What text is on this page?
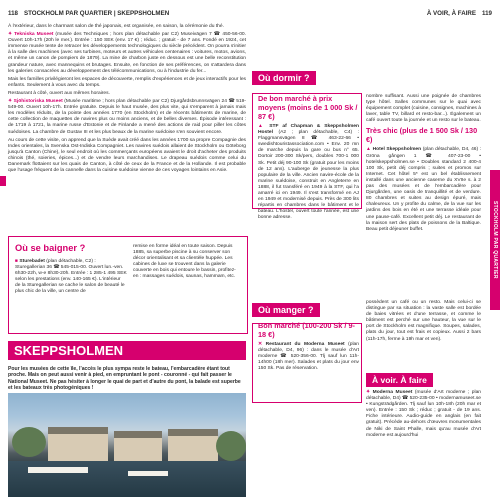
118 STOCKHOLM PAR QUARTIER | SKEPPSHOLMEN	À VOIR, À FAIRE 119
STOCKHOLM PAR QUARTIER

À l'extérieur, dans le charmant salon de thé japonais, est organisée, en saison, la cérémonie du thé.

✦ Tekniska Museet (musée des Techniques ; hors plan détachable par C2) Museivägen 7 ☎ 450-56-00. Ouvert 10h-17h (20h le mer.). Entrée : 150 SEK (env. 17 €) ; réduc. ; gratuit - de 7 ans. Fondé en 1924, cet immense musée tente de retracer les développements technologiques du siècle précédent. On pourra s'initier à la salle des machines (avec ses turbines, moteurs et autres véhicules centenaires : voitures, motos, avions, et même un canon de pompiers de 1879). La mine de charbon juste en dessous est une belle reconstitution grandeur nature, avec mannequins et brutages. Ensuite, en fonction de ses préférences, on s'attardera dans les galeries consacrées au développement des télécommunications, ou à l'industrie du fer...

Mais les familles privilégieront les espaces de découverte, remplis d'expériences et de jeux interactifs pour les enfants. Seulement à vous avec du temps.

Restaurant à côté, ouvert aux mêmes horaires.

✦ Sjöhistoriska Museet (Musée maritime ; hors plan détachable par C2) Djurgårdsbrunnsvägen 24 ☎ 519-549-00. Ouvert 10h-17h. Entrée gratuite. Depuis le haut musée, des plus vite, qui s'emparent à jamais mais les modèles réduits, de la pointe des années 1770 (en Stockholm) et de récents bâtiments de marine, de cette collection de maquettes de navires plus ou moins anciens, et de belles diverses. Épisode intéressant : de 1719 à 1721, la marine russe d'Estonie et de Finlande a mené des actions de raid pour piller les côtes suédoises. La chambre de Gustav III et les plus beaux de la marine suédoise s'en souvient encore.

Au cours de cette visite, on apprend que la Suède avait créé dans les années 1700 sa propre Compagnie des Indes orientales, la Svenska Ost-Indiska Compagniet. Les navires suédois allaient de Stockholm ou Göteborg jusqu'à Canton (Chine), le seul endroit où les commerçants européens avaient le droit d'acheter des produits chinois (thé, soieries, épices...) et de vendre leurs marchandises. Le drapeau suédois comme celui du Danemark flottaient sur les quais de Canton, à côté de ceux de la France et de la Hollande. Il est probable que l'usage fréquent de la cannelle dans la cuisine suédoise vienne de ces voyages lointains en Asie.

Où se baigner ?
■ Sturebadet (plan détachable, C2) : Sturegallerian 36 ☎ 545-015-00. Ouvert lun.-ven. 6h30-22h, w-e 8h30-20h. Entrée : 1 285-1 495 SEK selon les prestations (env. 140-165 €). L'intérieur de la Sturegallerian se cache le salon de beauté le plus chic de la ville, un centre de
remise en forme idéal en toute saison. Depuis 1885, sa superbe piscine à su conserver son décor orientalisant et sa clientèle huppée. Les cabines de luxe se trouvent dans la galerie couverte en bois qui entoure le bassin, profitez-en : massages suédois, saunas, hammam, etc.
SKEPPSHOLMEN
Pour les musées de cette île, l'accès le plus sympa reste le bateau, l'embarcadère étant tout proche. Mais on peut aussi venir à pied, en empruntant le pont - couronné - qui fait passer le National Museet. Ne pas hésiter à longer le quai de part et d'autre du pont, la balade est superbe et les bateaux très photogéniques !
Où dormir ?
De bon marché à prix moyens (moins de 1 000 Sk / 87 €)

▲ STF af Chapman & Skeppsholmen Hostel (A2 ; plan détachable, C4) : Flaggmansvägen 8 ☎ 463-22-66 • swedishtouristassociation.com • Env. 20 mn de marche depuis la gare ou bus n° 65. Dortoir 200-300 Sk/pers, doubles 700-1 000 Sk. Petit déj 90-100 Sk (gratuit pour les moins de 12 ans). L'auberge de jeunesse la plus populaire de la ville. Ancien navire-école de la marine suédoise, construit en Angleterre en 1888, il fut transféré en 1949 à la STF, qui l'a amarré ici en 1949. Il s'est transformé en AJ en 1949 et modernisé depuis. Près de 300 lits répartis en chambres dans le bâtiment et le bateau. L'hostel, ouvert toute l'année, est une bonne adresse.

nombre suffisant. Aussi une poignée de chambres type hôtel. Salles communes sur le quai avec équipement complet (cuisine, consignes, machines à laver, table TV, billard et resto-bar...). Également un café ouvert toute la journée et un resto sur le bateau.

Très chic (plus de 1 500 Sk / 130 €)

▲ Hotel Skeppsholmen (plan détachable, D4, 46) : Gröna gången 1 ☎ 407-23-00 • hotelskeppsholmen.se • Doubles standard 2 400-4 100 Sk, petit déj compris ; suites et promos sur Internet. Cet hôtel 5* est un bel établissement installé dans une ancienne caserne du XVIIe s. à 2 pas des musées et de l'embarcadère pour Djurgården, une oasis de tranquillité et de verdure. 80 chambres et suites au design épuré, mais chaleureux. Un y profite du calme, de la vue sur les jardins des bois en été et une terrasse idéale pour une pause-café. Excellent petit déj. Le restaurant de la maison sert des plats de poissons de la Baltique. Beau petit déjeuner buffet.

Où manger ?
Bon marché (100-200 Sk / 9-18 €)

✕ Restaurant du Moderna Museet (plan détachable, D4, 96) : dans le musée d'Art moderne ☎ 520-356-00. Tlj sauf lun 11h-14h00 (18h mer). Salades et plats du jour env 150 Sk. Pas de réservation.

possèdent un café ou un resto. Mais celui-ci se distingue par sa situation : la vaste salle est bordée de baies vitrées et d'une terrasse, et comme le bâtiment est perché sur une hauteur, la vue sur le port de Stockholm est magnifique. Soupes, salades, plats du jour, tout est frais et copieux. Aussi 2 bars (11h-17h, ferme à 19h mar et ven).

À voir. À faire

✦ Moderna Museet (musée d'Art moderne ; plan détachable, D4) ☎ 520-235-00 • modernamuseet.se • Kungsträdgården. Tlj sauf lun 10h-18h (20h mar et ven). Entrée : 150 Sk ; réduc ; gratuit - de 19 ans. Fiche intérieure. Audio-guide en anglais (en fait gratuit). Précède au-dehors d'œuvres monumentales de Niki de Saint Phalle, mais qu'au musée d'Art moderne est aujourd'hui
